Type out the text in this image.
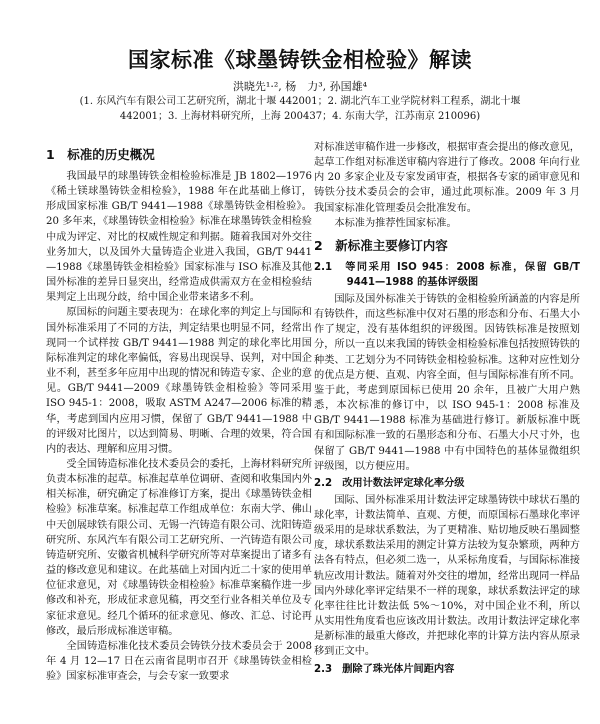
国家标准《球墨铸铁金相检验》解读
洪晓先¹·², 杨　力³, 孙国雄⁴
(1. 东风汽车有限公司工艺研究所，湖北十堰 442001；2. 湖北汽车工业学院材料工程系，湖北十堰 442001；3. 上海材料研究所，上海 200437；4. 东南大学，江苏南京 210096)
1　标准的历史概况

我国最早的球墨铸铁金相检验标准是 JB 1802—1976《稀土镁球墨铸铁金相检验》，1988 年在此基础上修订，形成国家标准 GB/T 9441—1988《球墨铸铁金相检验》。20 多年来，《球墨铸铁金相检验》标准在球墨铸铁金相检验中成为评定、对比的权威性规定和判据。随着我国对外交往业务加大，以及国外大量铸造企业进入我国，GB/T 9441—1988《球墨铸铁金相检验》国家标准与 ISO 标准及其他国外标准的差异日显突出，经常造成供需双方在金相检验结果判定上出现分歧，给中国企业带来诸多不利。

原国标的问题主要表现为：在球化率的判定上与国际和国外标准采用了不同的方法，判定结果也明显不同，经常出现同一个试样按 GB/T 9441—1988 判定的球化率比用国际标准判定的球化率偏低，容易出现误导、误判，对中国企业不利，甚至多年应用中出现的情况和铸造专家、企业的意见。GB/T 9441—2009《球墨铸铁金相检验》等同采用 ISO 945-1：2008，吸取 ASTM A247—2006 标准的精华，考虑到国内应用习惯，保留了 GB/T 9441—1988 中的评级对比图片，以达到简易、明晰、合理的效果，符合国内的表达、理解和应用习惯。

受全国铸造标准化技术委员会的委托，上海材料研究所负责本标准的起草。标准起草单位调研、查阅和收集国内外相关标准，研究确定了标准修订方案，提出《球墨铸铁金相检验》标准草案。标准起草工作组成单位：东南大学、佛山中天创展球铁有限公司、无锡一汽铸造有限公司、沈阳铸造研究所、东风汽车有限公司工艺研究所、一汽铸造有限公司铸造研究所、安徽省机械科学研究所等对草案提出了诸多有益的修改意见和建议。在此基础上对国内近二十家的使用单位征求意见，对《球墨铸铁金相检验》标准草案稿作进一步修改和补充，形成征求意见稿，再交至行业各相关单位及专家征求意见。经几个循环的征求意见、修改、汇总、讨论再修改，最后形成标准送审稿。

全国铸造标准化技术委员会铸铁分技术委员会于 2008 年 4 月 12—17 日在云南省昆明市召开《球墨铸铁金相检验》国家标准审查会，与会专家一致要求

对标准送审稿作进一步修改，根据审查会提出的修改意见，起草工作组对标准送审稿内容进行了修改。2008 年向行业内 20 多家企业及专家发函审查，根据各专家的函审意见和铸铁分技术委员会的会审，通过此项标准。2009 年 3 月我国家标准化管理委员会批准发布。

本标准为推荐性国家标准。

2　新标准主要修订内容
2.1　等同采用 ISO 945：2008 标准，保留 GB/T 9441—1988 的基体评级图

国际及国外标准关于铸铁的金相检验所涵盖的内容是所有铸铁件，而这些标准中仅对石墨的形态和分布、石墨大小作了规定，没有基体组织的评级图。因铸铁标准是按照划分，所以一直以来我国的铸铁金相检验标准包括按照铸铁的种类、工艺划分为不同铸铁金相检验标准。这种对应性划分的优点是方便、直观、内容全面，但与国际标准有所不同。鉴于此，考虑到原国标已使用 20 余年，且被广大用户熟悉，本次标准的修订中，以 ISO 945-1：2008 标准及 GB/T 9441—1988 标准为基础进行修订。新版标准中既有和国际标准一致的石墨形态和分布、石墨大小尺寸外，也保留了 GB/T 9441—1988 中有中国特色的基体显微组织评级图，以方便应用。

2.2　改用计数法评定球化率分级

国际、国外标准采用计数法评定球墨铸铁中球状石墨的球化率，计数法简单、直观、方便，而原国标石墨球化率评级采用的是球状系数法，为了更精准、贴切地反映石墨圆整度，球状系数法采用的测定计算方法较为复杂繁琐，两种方法各有特点，但必须二选一，从采标角度看，与国际标准接轨应改用计数法。随着对外交往的增加，经常出现同一样品国内外球化率评定结果不一样的现象，球状系数法评定的球化率往往比计数法低 5%～10%，对中国企业不利，所以从实用性角度看也应该改用计数法。改用计数法评定球化率是新标准的最重大修改，并把球化率的计算方法内容从原录移到正文中。

2.3　删除了珠光体片间距内容
